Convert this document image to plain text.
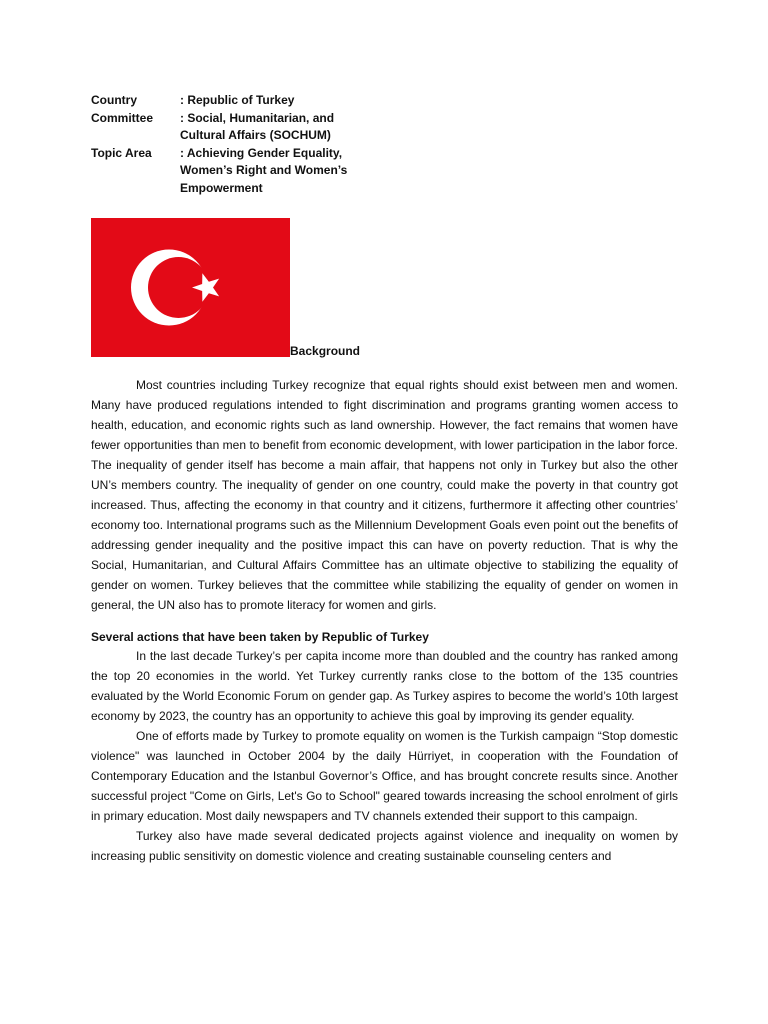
Country	: Republic of Turkey
Committee	: Social, Humanitarian, and
Cultural Affairs (SOCHUM)
Topic Area	: Achieving Gender Equality,
Women’s Right and Women’s
Empowerment
Background

Most countries including Turkey recognize that equal rights should exist between men and women. Many have produced regulations intended to fight discrimination and programs granting women access to health, education, and economic rights such as land ownership. However, the fact remains that women have fewer opportunities than men to benefit from economic development, with lower participation in the labor force. The inequality of gender itself has become a main affair, that happens not only in Turkey but also the other UN’s members country. The inequality of gender on one country, could make the poverty in that country got increased. Thus, affecting the economy in that country and it citizens, furthermore it affecting other countries’ economy too. International programs such as the Millennium Development Goals even point out the benefits of addressing gender inequality and the positive impact this can have on poverty reduction. That is why the Social, Humanitarian, and Cultural Affairs Committee has an ultimate objective to stabilizing the equality of gender on women. Turkey believes that the committee while stabilizing the equality of gender on women in general, the UN also has to promote literacy for women and girls.

Several actions that have been taken by Republic of Turkey

In the last decade Turkey’s per capita income more than doubled and the country has ranked among the top 20 economies in the world. Yet Turkey currently ranks close to the bottom of the 135 countries evaluated by the World Economic Forum on gender gap. As Turkey aspires to become the world’s 10th largest economy by 2023, the country has an opportunity to achieve this goal by improving its gender equality.

One of efforts made by Turkey to promote equality on women is the Turkish campaign “Stop domestic violence" was launched in October 2004 by the daily Hürriyet, in cooperation with the Foundation of Contemporary Education and the Istanbul Governor’s Office, and has brought concrete results since. Another successful project "Come on Girls, Let's Go to School" geared towards increasing the school enrolment of girls in primary education. Most daily newspapers and TV channels extended their support to this campaign.

Turkey also have made several dedicated projects against violence and inequality on women by increasing public sensitivity on domestic violence and creating sustainable counseling centers and
